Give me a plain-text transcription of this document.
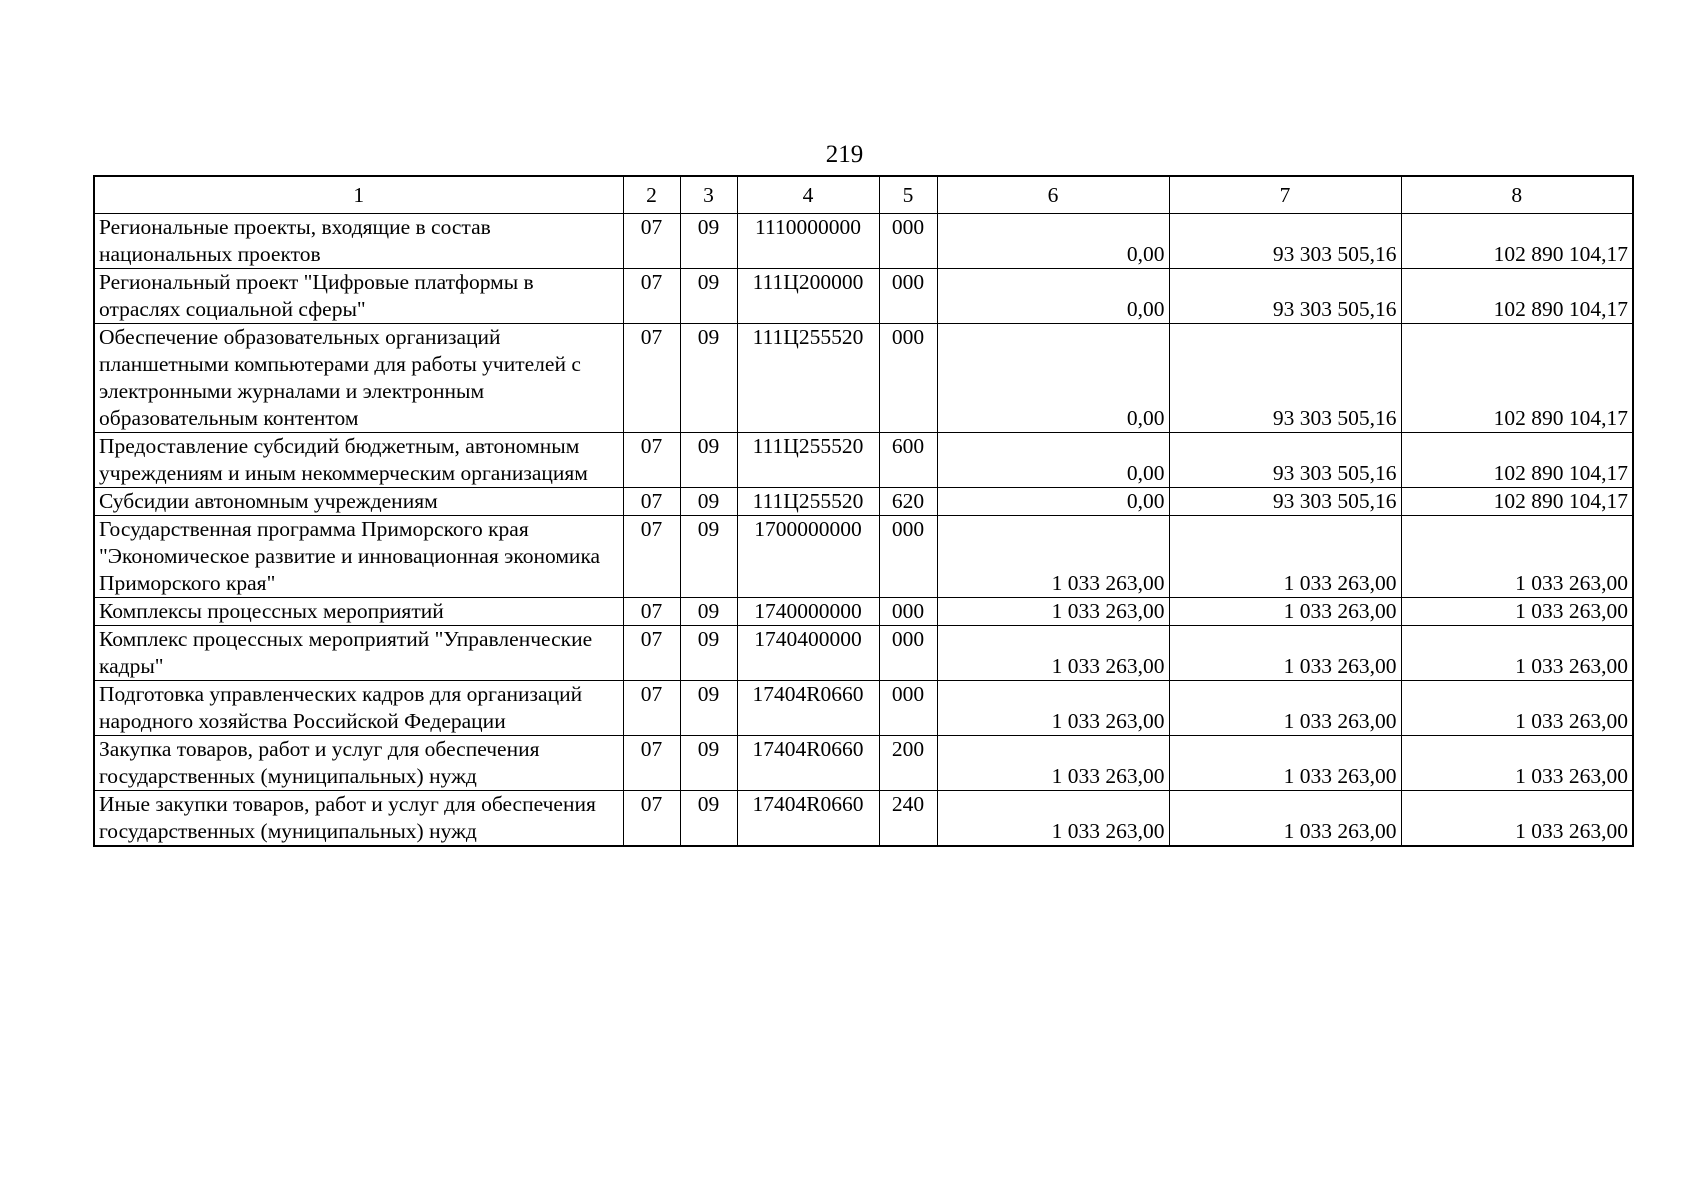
219
1	2	3	4	5	6	7	8
Региональные проекты, входящие в состав национальных проектов	07	09	1110000000	000	0,00	93 303 505,16	102 890 104,17
Региональный проект "Цифровые платформы в отраслях социальной сферы"	07	09	111Ц200000	000	0,00	93 303 505,16	102 890 104,17
Обеспечение образовательных организаций планшетными компьютерами для работы учителей с электронными журналами и электронным образовательным контентом	07	09	111Ц255520	000	0,00	93 303 505,16	102 890 104,17
Предоставление субсидий бюджетным, автономным учреждениям и иным некоммерческим организациям	07	09	111Ц255520	600	0,00	93 303 505,16	102 890 104,17
Субсидии автономным учреждениям	07	09	111Ц255520	620	0,00	93 303 505,16	102 890 104,17
Государственная программа Приморского края "Экономическое развитие и инновационная экономика Приморского края"	07	09	1700000000	000	1 033 263,00	1 033 263,00	1 033 263,00
Комплексы процессных мероприятий	07	09	1740000000	000	1 033 263,00	1 033 263,00	1 033 263,00
Комплекс процессных мероприятий "Управленческие кадры"	07	09	1740400000	000	1 033 263,00	1 033 263,00	1 033 263,00
Подготовка управленческих кадров для организаций народного хозяйства Российской Федерации	07	09	17404R0660	000	1 033 263,00	1 033 263,00	1 033 263,00
Закупка товаров, работ и услуг для обеспечения государственных (муниципальных) нужд	07	09	17404R0660	200	1 033 263,00	1 033 263,00	1 033 263,00
Иные закупки товаров, работ и услуг для обеспечения государственных (муниципальных) нужд	07	09	17404R0660	240	1 033 263,00	1 033 263,00	1 033 263,00
